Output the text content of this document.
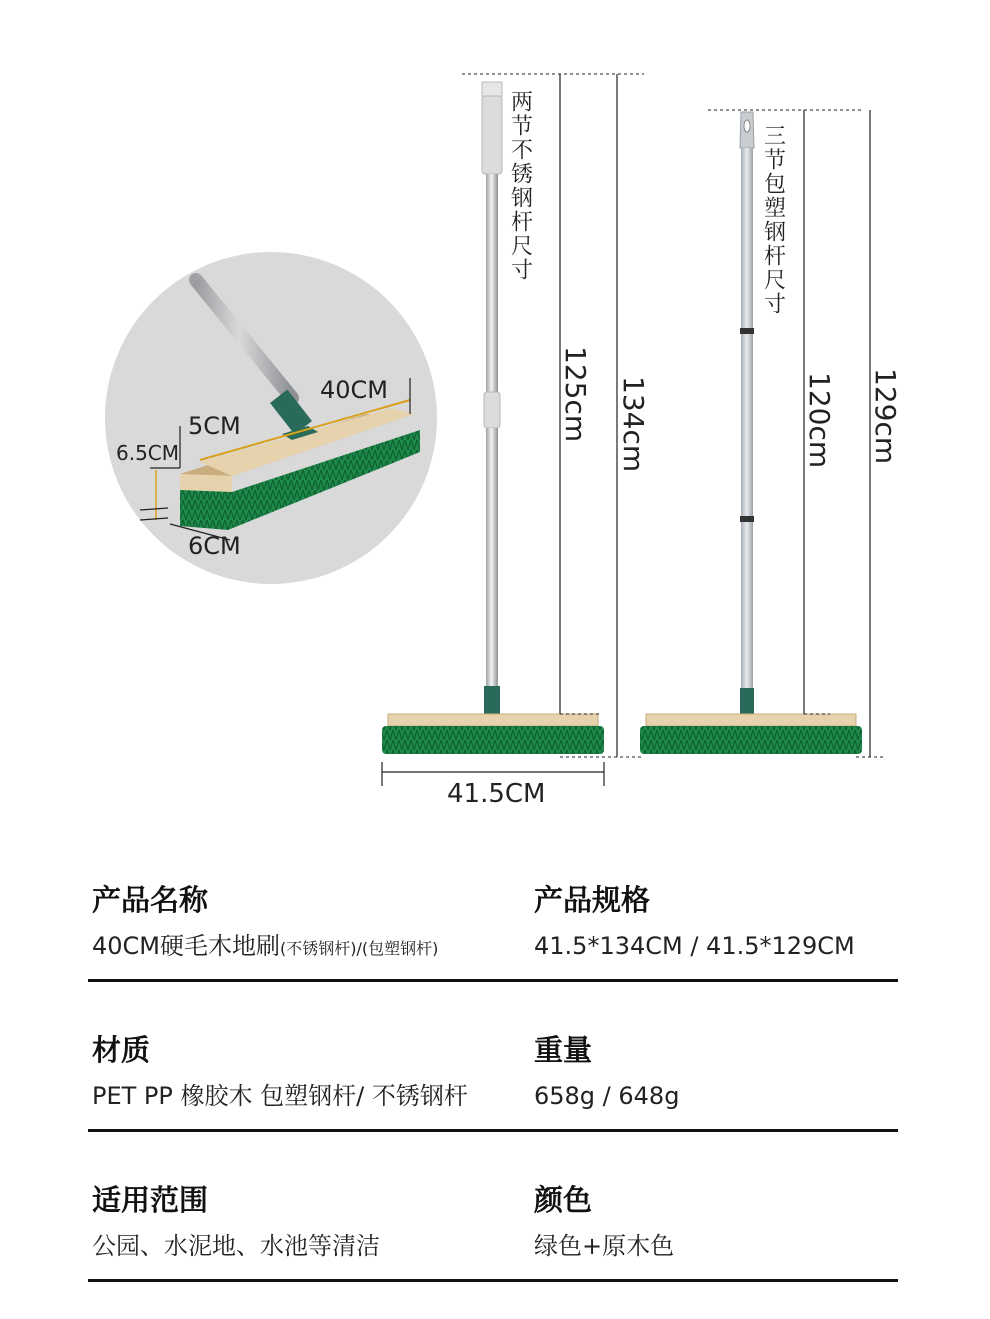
40CM
5CM
6.5CM
6CM
41.5CM
两节不锈钢杆尺寸
125cm 134cm
三节包塑钢杆尺寸
120cm 129cm
产品名称
40CM硬毛木地刷(不锈钢杆)/(包塑钢杆)
产品规格
41.5*134CM / 41.5*129CM
材质
PET PP 橡胶木 包塑钢杆/ 不锈钢杆
重量
658g / 648g
适用范围
公园、水泥地、水池等清洁
颜色
绿色+原木色
